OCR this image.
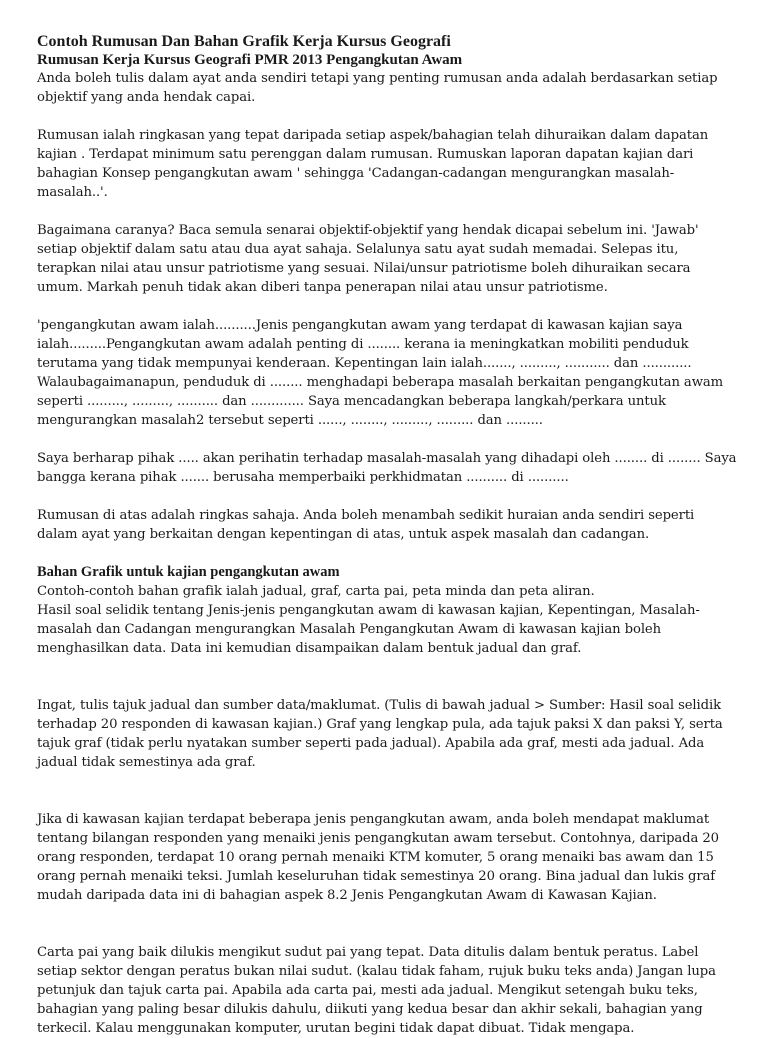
Contoh Rumusan Dan Bahan Grafik Kerja Kursus Geografi
Rumusan Kerja Kursus Geografi PMR 2013 Pengangkutan Awam

Anda boleh tulis dalam ayat anda sendiri tetapi yang penting rumusan anda adalah berdasarkan setiap objektif yang anda hendak capai.

Rumusan ialah ringkasan yang tepat daripada setiap aspek/bahagian telah dihuraikan dalam dapatan kajian . Terdapat minimum satu perenggan dalam rumusan. Rumuskan laporan dapatan kajian dari bahagian Konsep pengangkutan awam ' sehingga 'Cadangan-cadangan mengurangkan masalah-masalah..'.

Bagaimana caranya? Baca semula senarai objektif-objektif yang hendak dicapai sebelum ini. 'Jawab' setiap objektif dalam satu atau dua ayat sahaja. Selalunya satu ayat sudah memadai. Selepas itu, terapkan nilai atau unsur patriotisme yang sesuai. Nilai/unsur patriotisme boleh dihuraikan secara umum. Markah penuh tidak akan diberi tanpa penerapan nilai atau unsur patriotisme.

'pengangkutan awam ialah..........Jenis pengangkutan awam yang terdapat di kawasan kajian saya ialah.........Pengangkutan awam adalah penting di ........ kerana ia meningkatkan mobiliti penduduk terutama yang tidak mempunyai kenderaan. Kepentingan lain ialah......., ........., ........... dan ............ Walaubagaimanapun, penduduk di ........ menghadapi beberapa masalah berkaitan pengangkutan awam seperti ........., ........., .......... dan ............. Saya mencadangkan beberapa langkah/perkara untuk mengurangkan masalah2 tersebut seperti ......, ........, ........., ......... dan .........

Saya berharap pihak ..... akan perihatin terhadap masalah-masalah yang dihadapi oleh ........ di ........ Saya bangga kerana pihak ....... berusaha memperbaiki perkhidmatan .......... di ..........

Rumusan di atas adalah ringkas sahaja. Anda boleh menambah sedikit huraian anda sendiri seperti dalam ayat yang berkaitan dengan kepentingan di atas, untuk aspek masalah dan cadangan.

Bahan Grafik untuk kajian pengangkutan awam

Contoh-contoh bahan grafik ialah jadual, graf, carta pai, peta minda dan peta aliran.

Hasil soal selidik tentang Jenis-jenis pengangkutan awam di kawasan kajian, Kepentingan, Masalah-masalah dan Cadangan mengurangkan Masalah Pengangkutan Awam di kawasan kajian boleh menghasilkan data. Data ini kemudian disampaikan dalam bentuk jadual dan graf.

Ingat, tulis tajuk jadual dan sumber data/maklumat. (Tulis di bawah jadual > Sumber: Hasil soal selidik terhadap 20 responden di kawasan kajian.) Graf yang lengkap pula, ada tajuk paksi X dan paksi Y, serta tajuk graf (tidak perlu nyatakan sumber seperti pada jadual). Apabila ada graf, mesti ada jadual. Ada jadual tidak semestinya ada graf.

Jika di kawasan kajian terdapat beberapa jenis pengangkutan awam, anda boleh mendapat maklumat tentang bilangan responden yang menaiki jenis pengangkutan awam tersebut. Contohnya, daripada 20 orang responden, terdapat 10 orang pernah menaiki KTM komuter, 5 orang menaiki bas awam dan 15 orang pernah menaiki teksi. Jumlah keseluruhan tidak semestinya 20 orang. Bina jadual dan lukis graf mudah daripada data ini di bahagian aspek 8.2 Jenis Pengangkutan Awam di Kawasan Kajian.

Carta pai yang baik dilukis mengikut sudut pai yang tepat. Data ditulis dalam bentuk peratus. Label setiap sektor dengan peratus bukan nilai sudut. (kalau tidak faham, rujuk buku teks anda) Jangan lupa petunjuk dan tajuk carta pai. Apabila ada carta pai, mesti ada jadual. Mengikut setengah buku teks, bahagian yang paling besar dilukis dahulu, diikuti yang kedua besar dan akhir sekali, bahagian yang terkecil. Kalau menggunakan komputer, urutan begini tidak dapat dibuat. Tidak mengapa.
